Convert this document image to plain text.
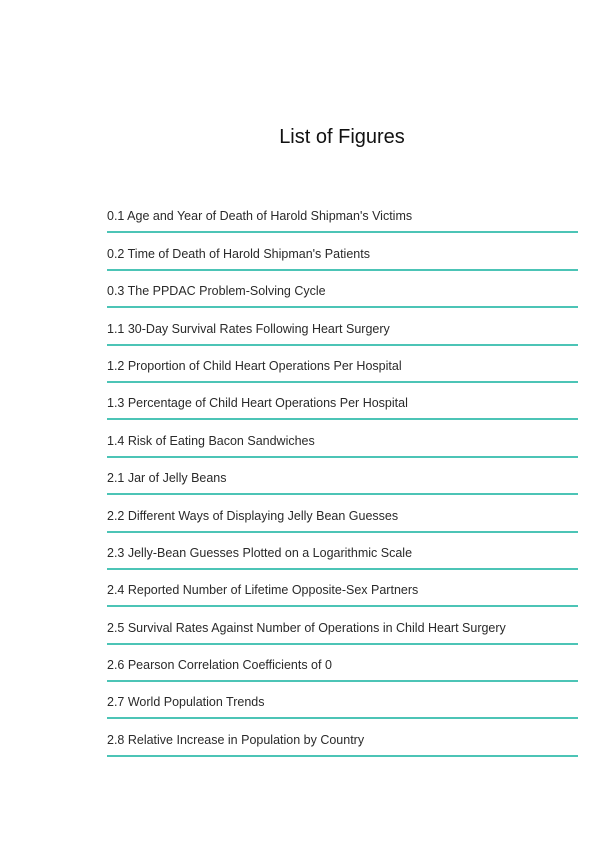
List of Figures
0.1 Age and Year of Death of Harold Shipman's Victims
0.2 Time of Death of Harold Shipman's Patients
0.3 The PPDAC Problem-Solving Cycle
1.1 30-Day Survival Rates Following Heart Surgery
1.2 Proportion of Child Heart Operations Per Hospital
1.3 Percentage of Child Heart Operations Per Hospital
1.4 Risk of Eating Bacon Sandwiches
2.1 Jar of Jelly Beans
2.2 Different Ways of Displaying Jelly Bean Guesses
2.3 Jelly-Bean Guesses Plotted on a Logarithmic Scale
2.4 Reported Number of Lifetime Opposite-Sex Partners
2.5 Survival Rates Against Number of Operations in Child Heart Surgery
2.6 Pearson Correlation Coefficients of 0
2.7 World Population Trends
2.8 Relative Increase in Population by Country
